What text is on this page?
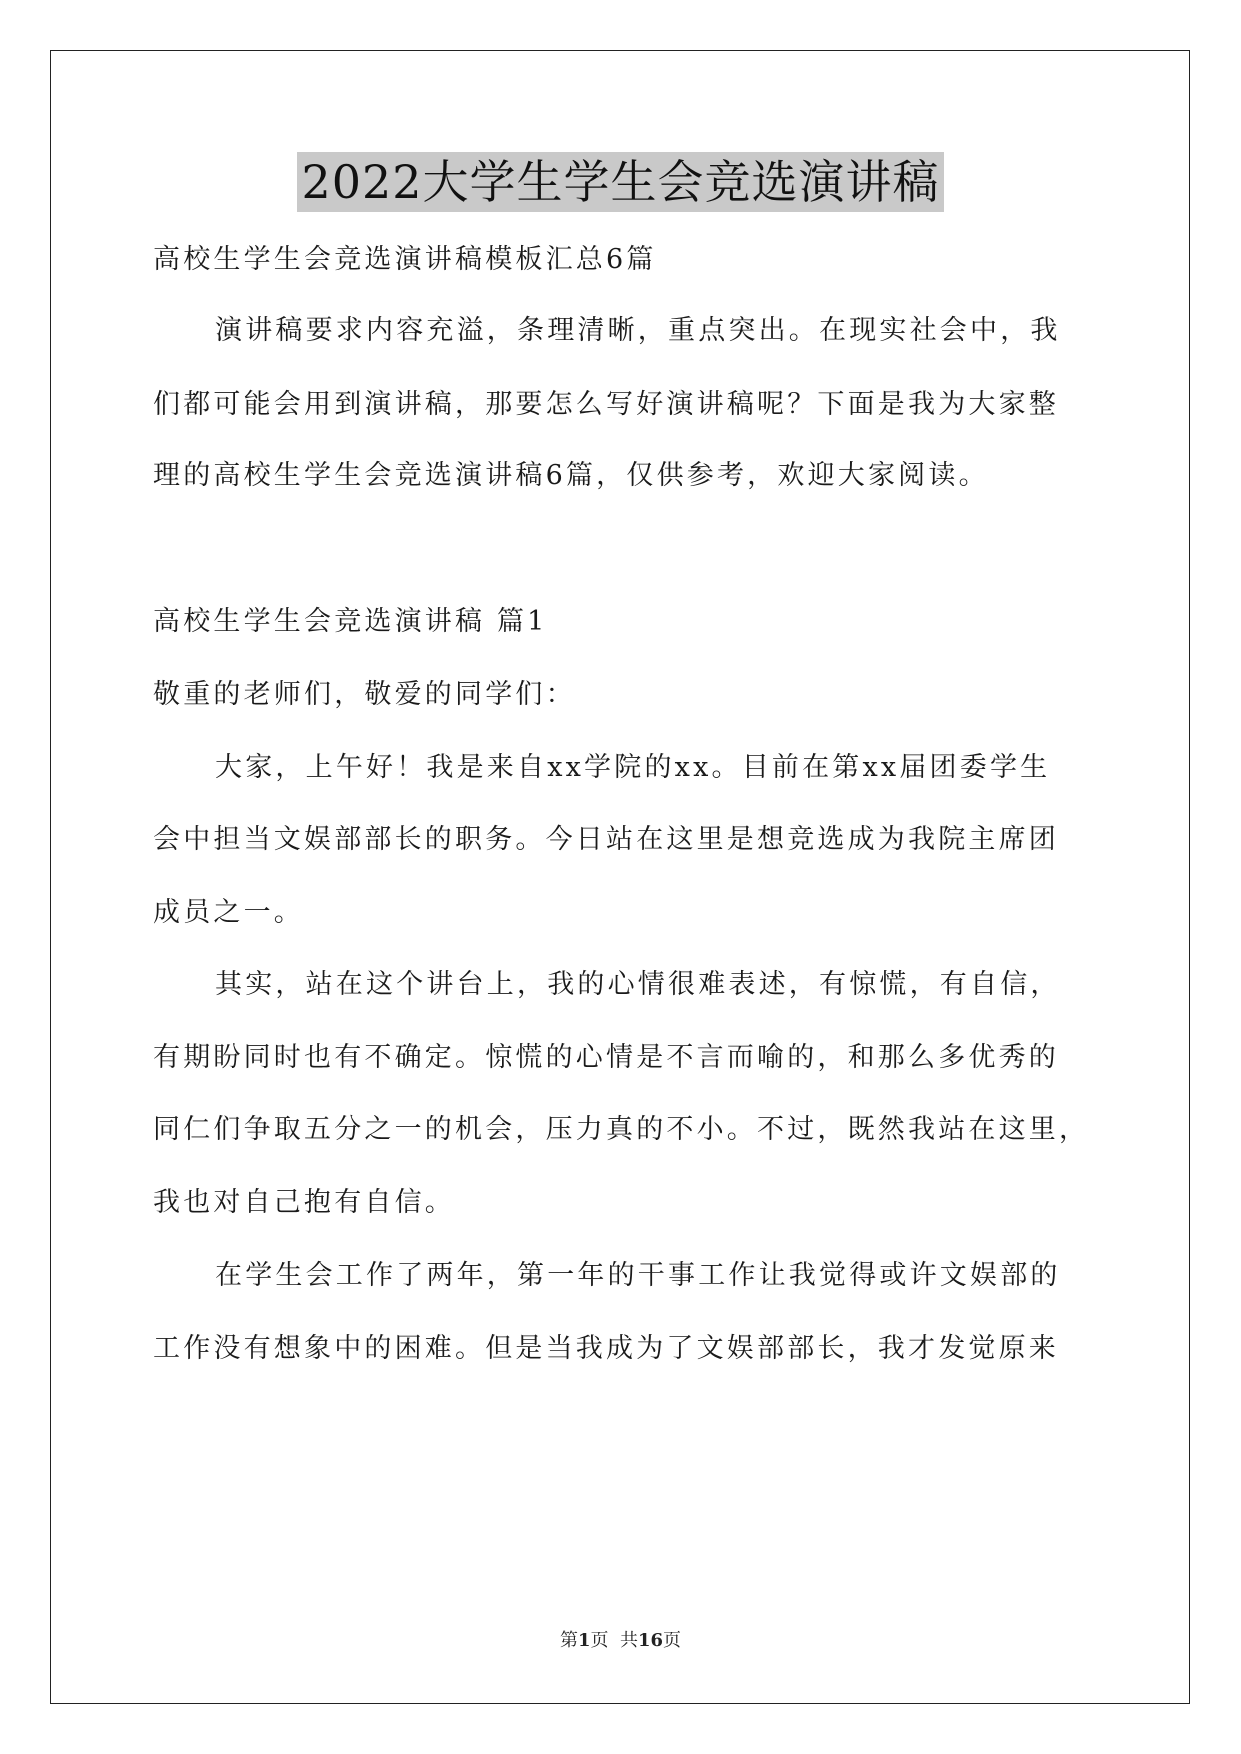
2022大学生学生会竞选演讲稿
高校生学生会竞选演讲稿模板汇总6篇
演讲稿要求内容充溢，条理清晰，重点突出。在现实社会中，我
们都可能会用到演讲稿，那要怎么写好演讲稿呢？下面是我为大家整
理的高校生学生会竞选演讲稿6篇，仅供参考，欢迎大家阅读。
高校生学生会竞选演讲稿 篇1
敬重的老师们，敬爱的同学们：
大家，上午好！我是来自xx学院的xx。目前在第xx届团委学生
会中担当文娱部部长的职务。今日站在这里是想竞选成为我院主席团
成员之一。
其实，站在这个讲台上，我的心情很难表述，有惊慌，有自信，
有期盼同时也有不确定。惊慌的心情是不言而喻的，和那么多优秀的
同仁们争取五分之一的机会，压力真的不小。不过，既然我站在这里，
我也对自己抱有自信。
在学生会工作了两年，第一年的干事工作让我觉得或许文娱部的
工作没有想象中的困难。但是当我成为了文娱部部长，我才发觉原来
第1页  共16页
